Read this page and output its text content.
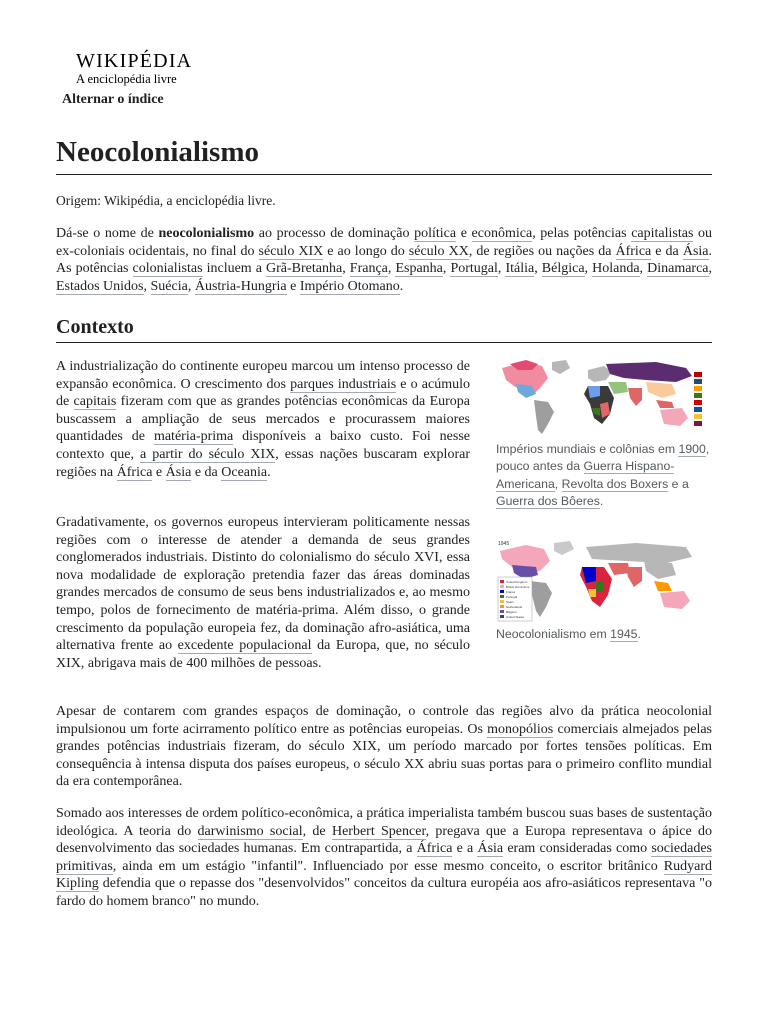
WIKIPÉDIA
A enciclopédia livre
Alternar o índice
Neocolonialismo
Origem: Wikipédia, a enciclopédia livre.

Dá-se o nome de neocolonialismo ao processo de dominação política e econômica, pelas potências capitalistas ou ex-coloniais ocidentais, no final do século XIX e ao longo do século XX, de regiões ou nações da África e da Ásia. As potências colonialistas incluem a Grã-Bretanha, França, Espanha, Portugal, Itália, Bélgica, Holanda, Dinamarca, Estados Unidos, Suécia, Áustria-Hungria e Império Otomano.

Contexto

A industrialização do continente europeu marcou um intenso processo de expansão econômica. O crescimento dos parques industriais e o acúmulo de capitais fizeram com que as grandes potências econômicas da Europa buscassem a ampliação de seus mercados e procurassem maiores quantidades de matéria-prima disponíveis a baixo custo. Foi nesse contexto que, a partir do século XIX, essas nações buscaram explorar regiões na África e Ásia e da Oceania.

Gradativamente, os governos europeus intervieram politicamente nessas regiões com o interesse de atender a demanda de seus grandes conglomerados industriais. Distinto do colonialismo do século XVI, essa nova modalidade de exploração pretendia fazer das áreas dominadas grandes mercados de consumo de seus bens industrializados e, ao mesmo tempo, polos de fornecimento de matéria-prima. Além disso, o grande crescimento da população europeia fez, da dominação afro-asiática, uma alternativa frente ao excedente populacional da Europa, que, no século XIX, abrigava mais de 400 milhões de pessoas.

Apesar de contarem com grandes espaços de dominação, o controle das regiões alvo da prática neocolonial impulsionou um forte acirramento político entre as potências europeias. Os monopólios comerciais almejados pelas grandes potências industriais fizeram, do século XIX, um período marcado por fortes tensões políticas. Em consequência à intensa disputa dos países europeus, o século XX abriu suas portas para o primeiro conflito mundial da era contemporânea.

Somado aos interesses de ordem político-econômica, a prática imperialista também buscou suas bases de sustentação ideológica. A teoria do darwinismo social, de Herbert Spencer, pregava que a Europa representava o ápice do desenvolvimento das sociedades humanas. Em contrapartida, a África e a Ásia eram consideradas como sociedades primitivas, ainda em um estágio "infantil". Influenciado por esse mesmo conceito, o escritor britânico Rudyard Kipling defendia que o repasse dos "desenvolvidos" conceitos da cultura européia aos afro-asiáticos representava "o fardo do homem branco" no mundo.

Impérios mundiais e colônias em 1900, pouco antes da Guerra Hispano-Americana, Revolta dos Boxers e a Guerra dos Bôeres.
1945
United Kingdom
British Dominions
France
Portugal
Spain
Netherlands
Belgium
United States
Neocolonialismo em 1945.
